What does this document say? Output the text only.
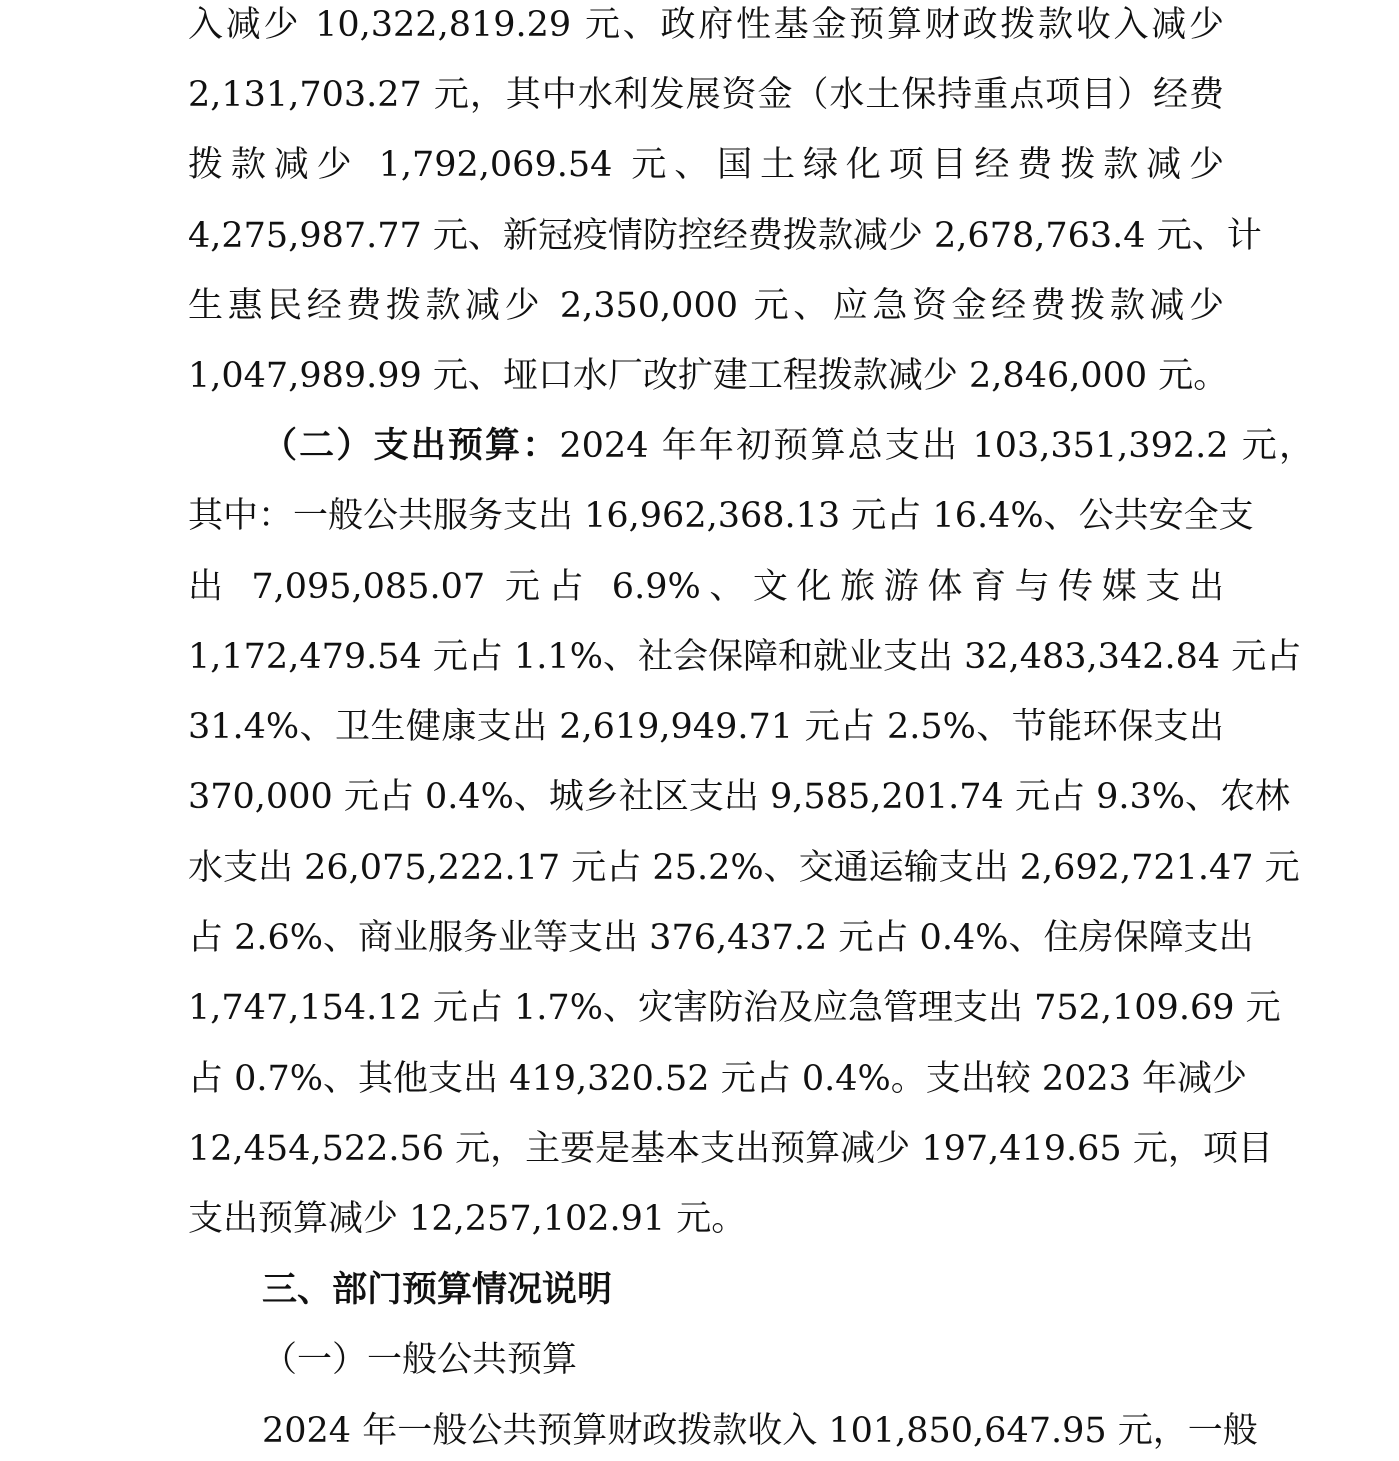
入减少 10,322,819.29 元、政府性基金预算财政拨款收入减少
2,131,703.27 元，其中水利发展资金（水土保持重点项目）经费
拨款减少 1,792,069.54 元、国土绿化项目经费拨款减少
4,275,987.77 元、新冠疫情防控经费拨款减少 2,678,763.4 元、计
生惠民经费拨款减少 2,350,000 元、应急资金经费拨款减少
1,047,989.99 元、垭口水厂改扩建工程拨款减少 2,846,000 元。
（二）支出预算：2024 年年初预算总支出 103,351,392.2 元，
其中：一般公共服务支出 16,962,368.13 元占 16.4%、公共安全支
出 7,095,085.07 元占 6.9%、文化旅游体育与传媒支出
1,172,479.54 元占 1.1%、社会保障和就业支出 32,483,342.84 元占
31.4%、卫生健康支出 2,619,949.71 元占 2.5%、节能环保支出
370,000 元占 0.4%、城乡社区支出 9,585,201.74 元占 9.3%、农林
水支出 26,075,222.17 元占 25.2%、交通运输支出 2,692,721.47 元
占 2.6%、商业服务业等支出 376,437.2 元占 0.4%、住房保障支出
1,747,154.12 元占 1.7%、灾害防治及应急管理支出 752,109.69 元
占 0.7%、其他支出 419,320.52 元占 0.4%。支出较 2023 年减少
12,454,522.56 元，主要是基本支出预算减少 197,419.65 元，项目
支出预算减少 12,257,102.91 元。
三、部门预算情况说明
（一）一般公共预算
2024 年一般公共预算财政拨款收入 101,850,647.95 元，一般
